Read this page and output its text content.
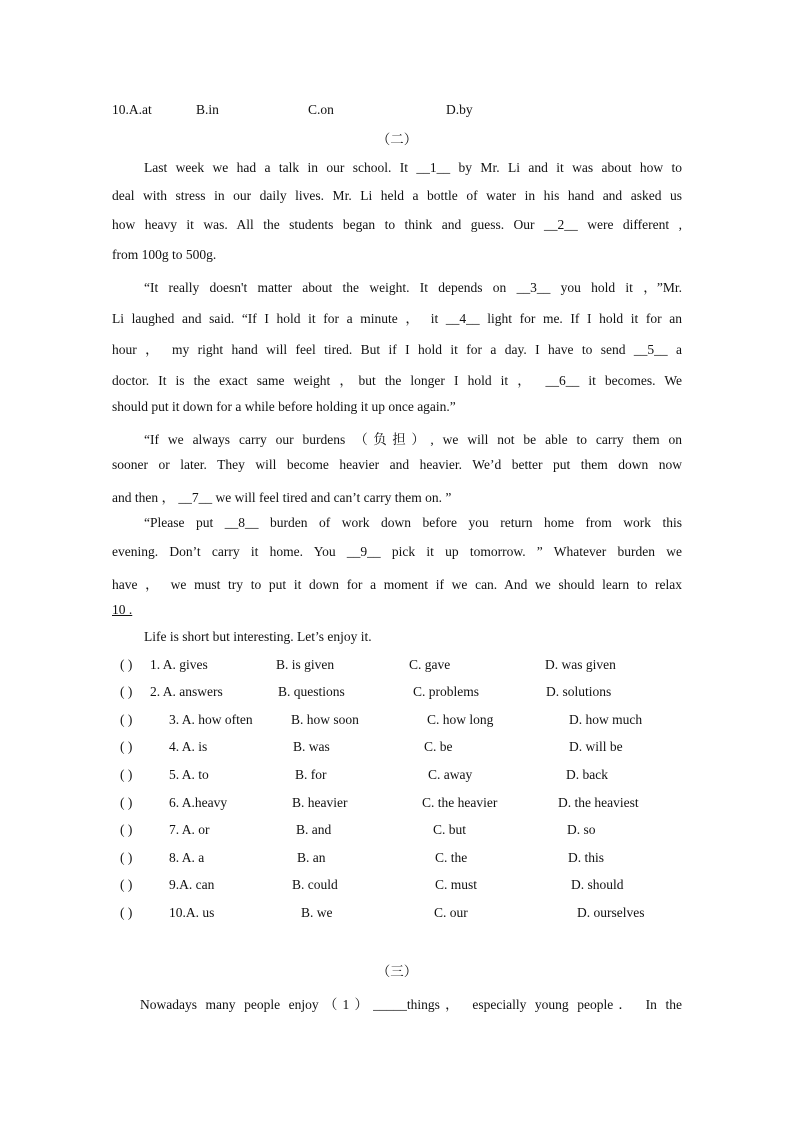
10.A.at	B.in	C.on	D.by
（二）
Last week we had a talk in our school. It __1__ by Mr. Li and it was about how to
deal with stress in our daily lives. Mr. Li held a bottle of water in his hand and asked us
how heavy it was. All the students began to think and guess. Our __2__ were different ,
from 100g to 500g.
“It really doesn't matter about the weight. It depends on __3__ you hold it ，”Mr.
Li laughed and said. “If I hold it for a minute ， it __4__ light for me. If I hold it for an
hour ， my right hand will feel tired. But if I hold it for a day. I have to send __5__ a
doctor. It is the exact same weight ，but the longer I hold it ， __6__ it becomes. We
should put it down for a while before holding it up once again.”
“If we always carry our burdens （负担）, we will not be able to carry them on
sooner or later. They will become heavier and heavier. We’d better put them down now
and then ， __7__ we will feel tired and can’t carry them on. ”
“Please put __8__ burden of work down before you return home from work this
evening. Don’t carry it home. You __9__ pick it up tomorrow. ” Whatever burden we
have ， we must try to put it down for a moment if we can. And we should learn to relax
10 .
Life is short but interesting. Let’s enjoy it.
( ) 1. A. gives	B. is given	C. gave	D. was given
( ) 2. A. answers	B. questions	C. problems	D. solutions
( )	3. A. how often	B. how soon	C. how long	D. how much
( )	4. A. is	B. was	C. be	D. will be
( )	5. A. to	B. for	C. away	D. back
( )	6. A.heavy	B. heavier	C. the heavier	D. the heaviest
( )	7. A. or	B. and	C. but	D. so
( )	8. A. a	B. an	C. the	D. this
( )	9.A. can	B. could	C. must	D. should
( )	10.A. us	B. we	C. our	D. ourselves
（三）
Nowadays many people enjoy（1）_____things， especially young people． In the
